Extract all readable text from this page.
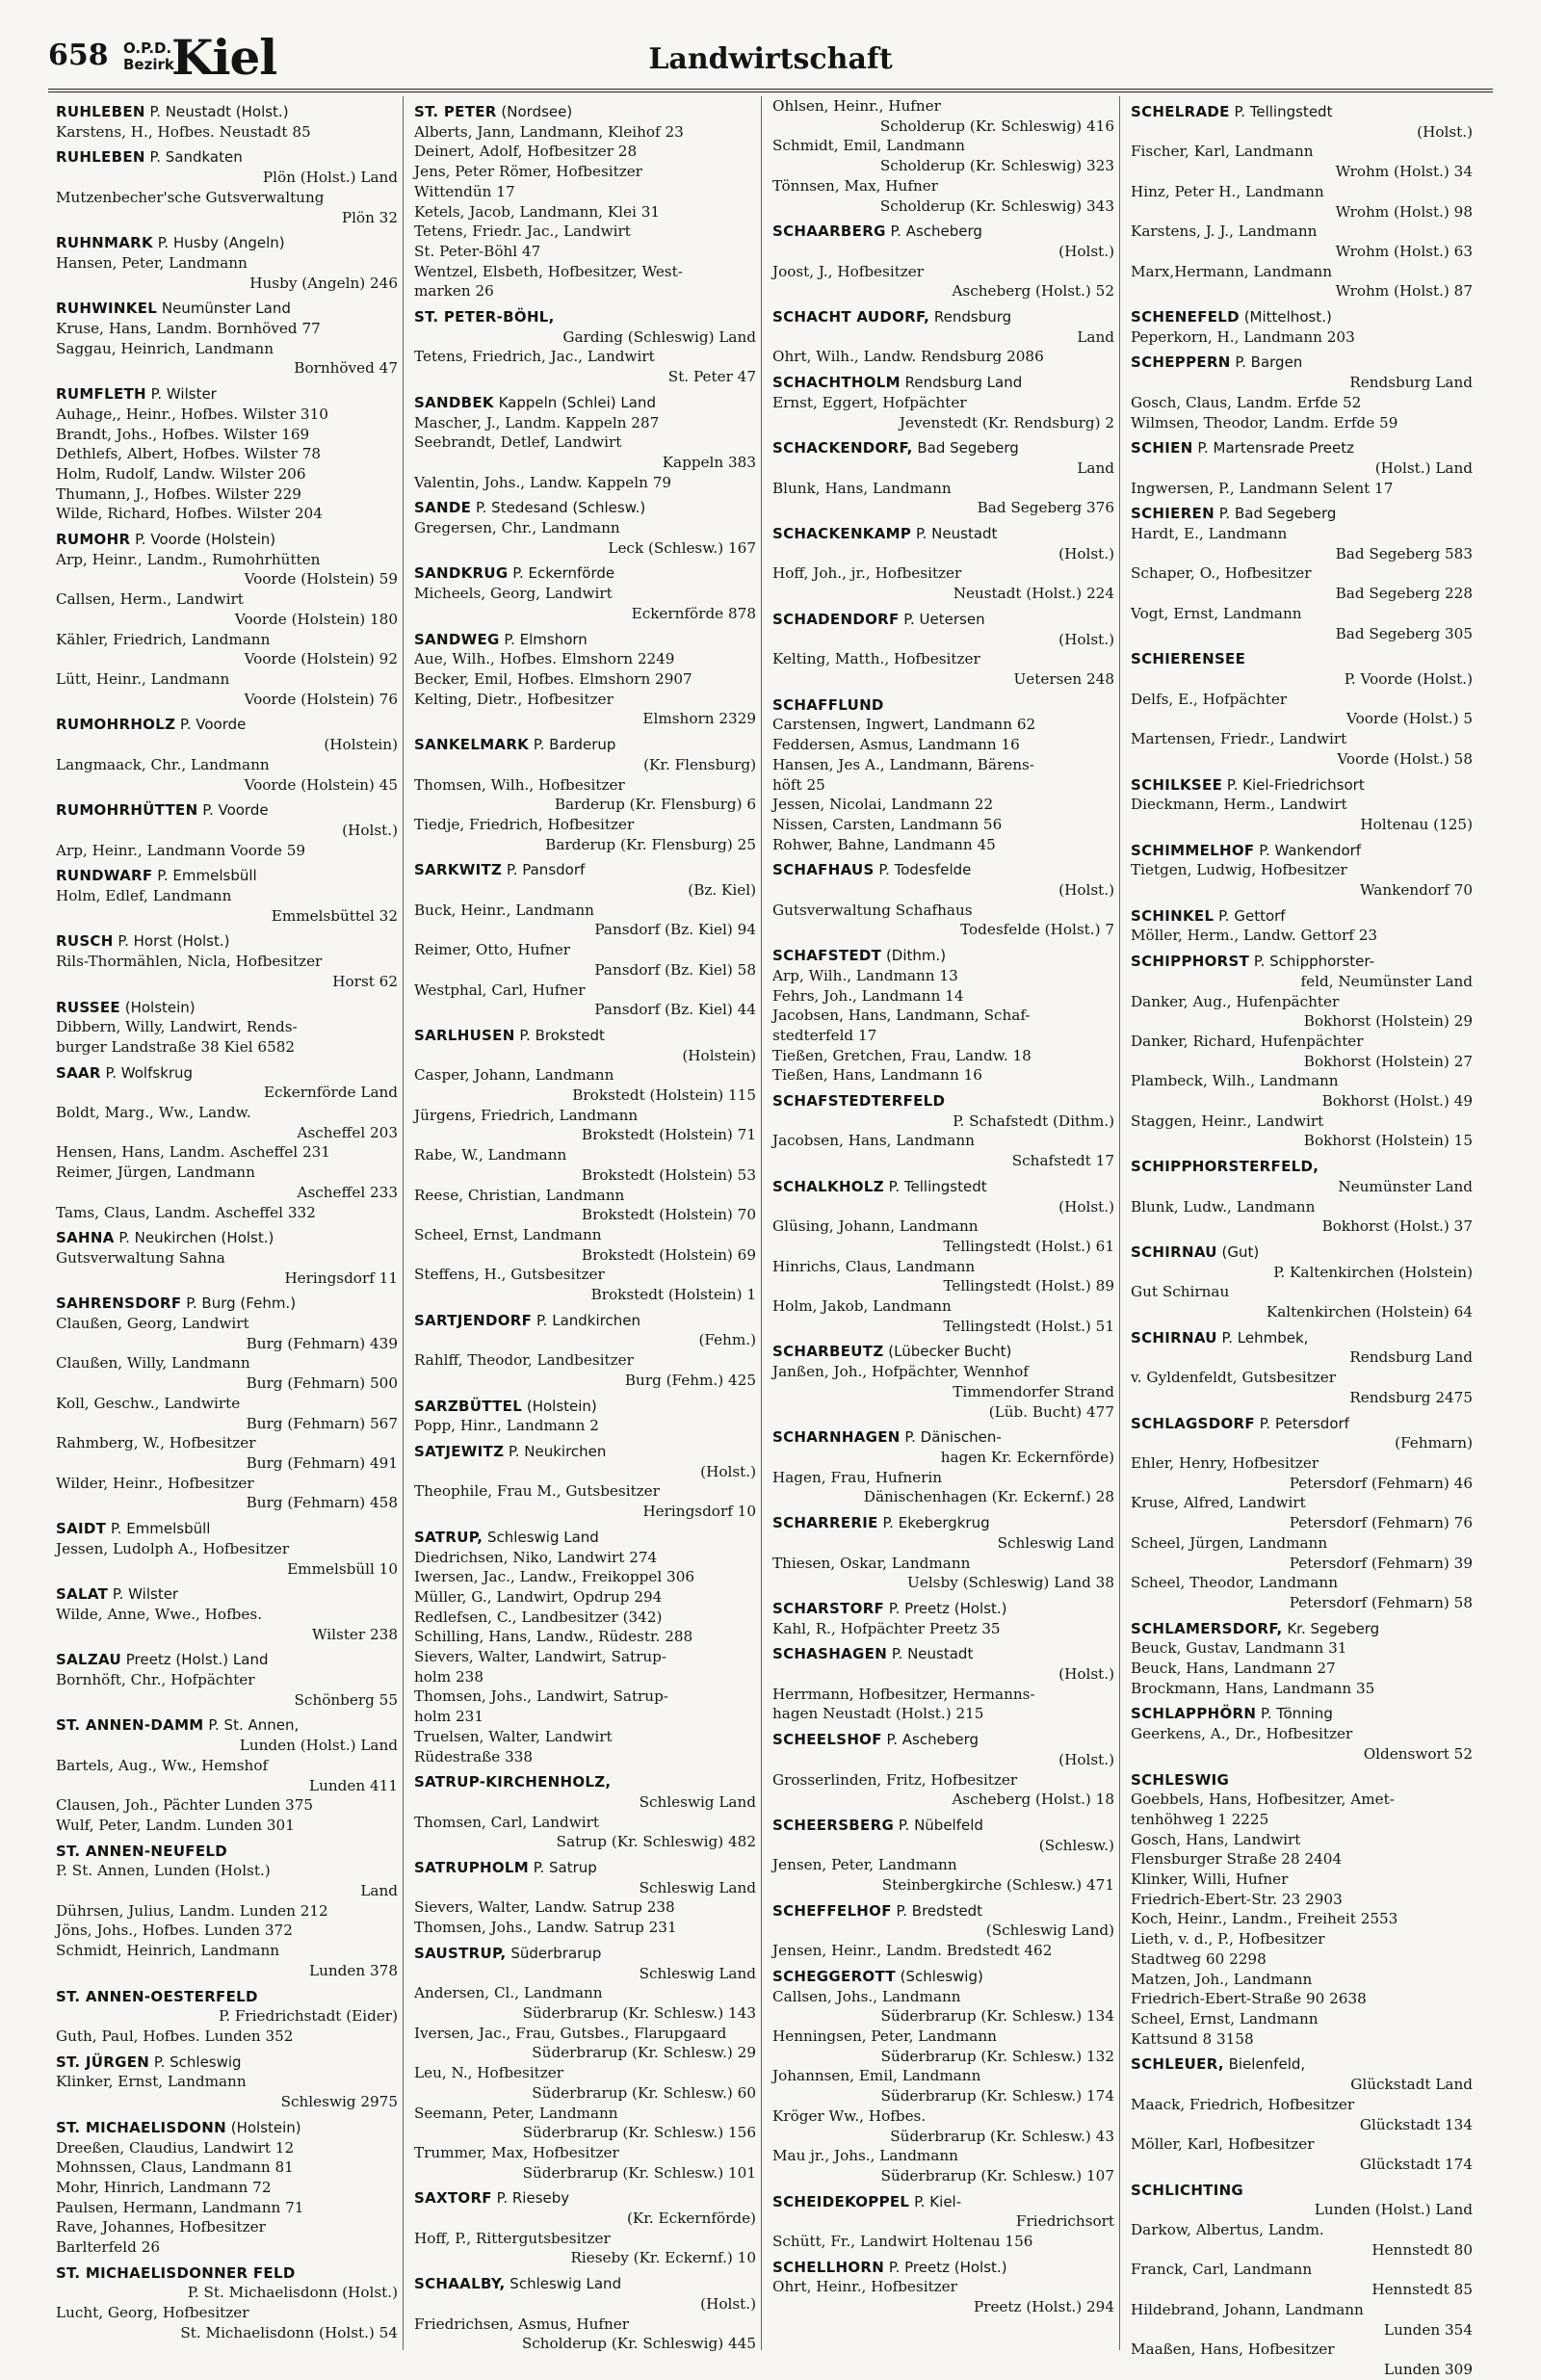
658 O.P.D.
Bezirk
Kiel	Landwirtschaft
RUHLEBEN P. Neustadt (Holst.)
Karstens, H., Hofbes. Neustadt 85
RUHLEBEN P. Sandkaten
Plön (Holst.) Land
Mutzenbecher'sche Gutsverwaltung
Plön 32
RUHNMARK P. Husby (Angeln)
Hansen, Peter, Landmann
Husby (Angeln) 246
RUHWINKEL Neumünster Land
Kruse, Hans, Landm. Bornhöved 77
Saggau, Heinrich, Landmann
Bornhöved 47
RUMFLETH P. Wilster
Auhage,, Heinr., Hofbes. Wilster 310
Brandt, Johs., Hofbes. Wilster 169
Dethlefs, Albert, Hofbes. Wilster 78
Holm, Rudolf, Landw. Wilster 206
Thumann, J., Hofbes. Wilster 229
Wilde, Richard, Hofbes. Wilster 204
RUMOHR P. Voorde (Holstein)
Arp, Heinr., Landm., Rumohrhütten
Voorde (Holstein) 59
Callsen, Herm., Landwirt
Voorde (Holstein) 180
Kähler, Friedrich, Landmann
Voorde (Holstein) 92
Lütt, Heinr., Landmann
Voorde (Holstein) 76
RUMOHRHOLZ P. Voorde
(Holstein)
Langmaack, Chr., Landmann
Voorde (Holstein) 45
RUMOHRHÜTTEN P. Voorde
(Holst.)
Arp, Heinr., Landmann Voorde 59
RUNDWARF P. Emmelsbüll
Holm, Edlef, Landmann
Emmelsbüttel 32
RUSCH P. Horst (Holst.)
Rils-Thormählen, Nicla, Hofbesitzer
Horst 62
RUSSEE (Holstein)
Dibbern, Willy, Landwirt, Rends-
burger Landstraße 38 Kiel 6582
SAAR P. Wolfskrug
Eckernförde Land
Boldt, Marg., Ww., Landw.
Ascheffel 203
Hensen, Hans, Landm. Ascheffel 231
Reimer, Jürgen, Landmann
Ascheffel 233
Tams, Claus, Landm. Ascheffel 332
SAHNA P. Neukirchen (Holst.)
Gutsverwaltung Sahna
Heringsdorf 11
SAHRENSDORF P. Burg (Fehm.)
Claußen, Georg, Landwirt
Burg (Fehmarn) 439
Claußen, Willy, Landmann
Burg (Fehmarn) 500
Koll, Geschw., Landwirte
Burg (Fehmarn) 567
Rahmberg, W., Hofbesitzer
Burg (Fehmarn) 491
Wilder, Heinr., Hofbesitzer
Burg (Fehmarn) 458
SAIDT P. Emmelsbüll
Jessen, Ludolph A., Hofbesitzer
Emmelsbüll 10
SALAT P. Wilster
Wilde, Anne, Wwe., Hofbes.
Wilster 238
SALZAU Preetz (Holst.) Land
Bornhöft, Chr., Hofpächter
Schönberg 55
ST. ANNEN-DAMM P. St. Annen,
Lunden (Holst.) Land
Bartels, Aug., Ww., Hemshof
Lunden 411
Clausen, Joh., Pächter Lunden 375
Wulf, Peter, Landm. Lunden 301
ST. ANNEN-NEUFELD
P. St. Annen, Lunden (Holst.)
Land
Dührsen, Julius, Landm. Lunden 212
Jöns, Johs., Hofbes. Lunden 372
Schmidt, Heinrich, Landmann
Lunden 378
ST. ANNEN-OESTERFELD
P. Friedrichstadt (Eider)
Guth, Paul, Hofbes. Lunden 352
ST. JÜRGEN P. Schleswig
Klinker, Ernst, Landmann
Schleswig 2975
ST. MICHAELISDONN (Holstein)
Dreeßen, Claudius, Landwirt 12
Mohnssen, Claus, Landmann 81
Mohr, Hinrich, Landmann 72
Paulsen, Hermann, Landmann 71
Rave, Johannes, Hofbesitzer
Barlterfeld 26
ST. MICHAELISDONNER FELD
P. St. Michaelisdonn (Holst.)
Lucht, Georg, Hofbesitzer
St. Michaelisdonn (Holst.) 54
ST. PETER (Nordsee)
Alberts, Jann, Landmann, Kleihof 23
Deinert, Adolf, Hofbesitzer 28
Jens, Peter Römer, Hofbesitzer
Wittendün 17
Ketels, Jacob, Landmann, Klei 31
Tetens, Friedr. Jac., Landwirt
St. Peter-Böhl 47
Wentzel, Elsbeth, Hofbesitzer, West-
marken 26
ST. PETER-BÖHL,
Garding (Schleswig) Land
Tetens, Friedrich, Jac., Landwirt
St. Peter 47
SANDBEK Kappeln (Schlei) Land
Mascher, J., Landm. Kappeln 287
Seebrandt, Detlef, Landwirt
Kappeln 383
Valentin, Johs., Landw. Kappeln 79
SANDE P. Stedesand (Schlesw.)
Gregersen, Chr., Landmann
Leck (Schlesw.) 167
SANDKRUG P. Eckernförde
Micheels, Georg, Landwirt
Eckernförde 878
SANDWEG P. Elmshorn
Aue, Wilh., Hofbes. Elmshorn 2249
Becker, Emil, Hofbes. Elmshorn 2907
Kelting, Dietr., Hofbesitzer
Elmshorn 2329
SANKELMARK P. Barderup
(Kr. Flensburg)
Thomsen, Wilh., Hofbesitzer
Barderup (Kr. Flensburg) 6
Tiedje, Friedrich, Hofbesitzer
Barderup (Kr. Flensburg) 25
SARKWITZ P. Pansdorf
(Bz. Kiel)
Buck, Heinr., Landmann
Pansdorf (Bz. Kiel) 94
Reimer, Otto, Hufner
Pansdorf (Bz. Kiel) 58
Westphal, Carl, Hufner
Pansdorf (Bz. Kiel) 44
SARLHUSEN P. Brokstedt
(Holstein)
Casper, Johann, Landmann
Brokstedt (Holstein) 115
Jürgens, Friedrich, Landmann
Brokstedt (Holstein) 71
Rabe, W., Landmann
Brokstedt (Holstein) 53
Reese, Christian, Landmann
Brokstedt (Holstein) 70
Scheel, Ernst, Landmann
Brokstedt (Holstein) 69
Steffens, H., Gutsbesitzer
Brokstedt (Holstein) 1
SARTJENDORF P. Landkirchen
(Fehm.)
Rahlff, Theodor, Landbesitzer
Burg (Fehm.) 425
SARZBÜTTEL (Holstein)
Popp, Hinr., Landmann 2
SATJEWITZ P. Neukirchen
(Holst.)
Theophile, Frau M., Gutsbesitzer
Heringsdorf 10
SATRUP, Schleswig Land
Diedrichsen, Niko, Landwirt 274
Iwersen, Jac., Landw., Freikoppel 306
Müller, G., Landwirt, Opdrup 294
Redlefsen, C., Landbesitzer (342)
Schilling, Hans, Landw., Rüdestr. 288
Sievers, Walter, Landwirt, Satrup-
holm 238
Thomsen, Johs., Landwirt, Satrup-
holm 231
Truelsen, Walter, Landwirt
Rüdestraße 338
SATRUP-KIRCHENHOLZ,
Schleswig Land
Thomsen, Carl, Landwirt
Satrup (Kr. Schleswig) 482
SATRUPHOLM P. Satrup
Schleswig Land
Sievers, Walter, Landw. Satrup 238
Thomsen, Johs., Landw. Satrup 231
SAUSTRUP, Süderbrarup
Schleswig Land
Andersen, Cl., Landmann
Süderbrarup (Kr. Schlesw.) 143
Iversen, Jac., Frau, Gutsbes., Flarupgaard
Süderbrarup (Kr. Schlesw.) 29
Leu, N., Hofbesitzer
Süderbrarup (Kr. Schlesw.) 60
Seemann, Peter, Landmann
Süderbrarup (Kr. Schlesw.) 156
Trummer, Max, Hofbesitzer
Süderbrarup (Kr. Schlesw.) 101
SAXTORF P. Rieseby
(Kr. Eckernförde)
Hoff, P., Rittergutsbesitzer
Rieseby (Kr. Eckernf.) 10
SCHAALBY, Schleswig Land
(Holst.)
Friedrichsen, Asmus, Hufner
Scholderup (Kr. Schleswig) 445
Ohlsen, Heinr., Hufner
Scholderup (Kr. Schleswig) 416
Schmidt, Emil, Landmann
Scholderup (Kr. Schleswig) 323
Tönnsen, Max, Hufner
Scholderup (Kr. Schleswig) 343
SCHAARBERG P. Ascheberg
(Holst.)
Joost, J., Hofbesitzer
Ascheberg (Holst.) 52
SCHACHT AUDORF, Rendsburg
Land
Ohrt, Wilh., Landw. Rendsburg 2086
SCHACHTHOLM Rendsburg Land
Ernst, Eggert, Hofpächter
Jevenstedt (Kr. Rendsburg) 2
SCHACKENDORF, Bad Segeberg
Land
Blunk, Hans, Landmann
Bad Segeberg 376
SCHACKENKAMP P. Neustadt
(Holst.)
Hoff, Joh., jr., Hofbesitzer
Neustadt (Holst.) 224
SCHADENDORF P. Uetersen
(Holst.)
Kelting, Matth., Hofbesitzer
Uetersen 248
SCHAFFLUND
Carstensen, Ingwert, Landmann 62
Feddersen, Asmus, Landmann 16
Hansen, Jes A., Landmann, Bärens-
höft 25
Jessen, Nicolai, Landmann 22
Nissen, Carsten, Landmann 56
Rohwer, Bahne, Landmann 45
SCHAFHAUS P. Todesfelde
(Holst.)
Gutsverwaltung Schafhaus
Todesfelde (Holst.) 7
SCHAFSTEDT (Dithm.)
Arp, Wilh., Landmann 13
Fehrs, Joh., Landmann 14
Jacobsen, Hans, Landmann, Schaf-
stedterfeld 17
Tießen, Gretchen, Frau, Landw. 18
Tießen, Hans, Landmann 16
SCHAFSTEDTERFELD
P. Schafstedt (Dithm.)
Jacobsen, Hans, Landmann
Schafstedt 17
SCHALKHOLZ P. Tellingstedt
(Holst.)
Glüsing, Johann, Landmann
Tellingstedt (Holst.) 61
Hinrichs, Claus, Landmann
Tellingstedt (Holst.) 89
Holm, Jakob, Landmann
Tellingstedt (Holst.) 51
SCHARBEUTZ (Lübecker Bucht)
Janßen, Joh., Hofpächter, Wennhof
Timmendorfer Strand
(Lüb. Bucht) 477
SCHARNHAGEN P. Dänischen-
hagen Kr. Eckernförde)
Hagen, Frau, Hufnerin
Dänischenhagen (Kr. Eckernf.) 28
SCHARRERIE P. Ekebergkrug
Schleswig Land
Thiesen, Oskar, Landmann
Uelsby (Schleswig) Land 38
SCHARSTORF P. Preetz (Holst.)
Kahl, R., Hofpächter Preetz 35
SCHASHAGEN P. Neustadt
(Holst.)
Herrmann, Hofbesitzer, Hermanns-
hagen Neustadt (Holst.) 215
SCHEELSHOF P. Ascheberg
(Holst.)
Grosserlinden, Fritz, Hofbesitzer
Ascheberg (Holst.) 18
SCHEERSBERG P. Nübelfeld
(Schlesw.)
Jensen, Peter, Landmann
Steinbergkirche (Schlesw.) 471
SCHEFFELHOF P. Bredstedt
(Schleswig Land)
Jensen, Heinr., Landm. Bredstedt 462
SCHEGGEROTT (Schleswig)
Callsen, Johs., Landmann
Süderbrarup (Kr. Schlesw.) 134
Henningsen, Peter, Landmann
Süderbrarup (Kr. Schlesw.) 132
Johannsen, Emil, Landmann
Süderbrarup (Kr. Schlesw.) 174
Kröger Ww., Hofbes.
Süderbrarup (Kr. Schlesw.) 43
Mau jr., Johs., Landmann
Süderbrarup (Kr. Schlesw.) 107
SCHEIDEKOPPEL P. Kiel-
Friedrichsort
Schütt, Fr., Landwirt Holtenau 156
SCHELLHORN P. Preetz (Holst.)
Ohrt, Heinr., Hofbesitzer
Preetz (Holst.) 294
SCHELRADE P. Tellingstedt
(Holst.)
Fischer, Karl, Landmann
Wrohm (Holst.) 34
Hinz, Peter H., Landmann
Wrohm (Holst.) 98
Karstens, J. J., Landmann
Wrohm (Holst.) 63
Marx,Hermann, Landmann
Wrohm (Holst.) 87
SCHENEFELD (Mittelhost.)
Peperkorn, H., Landmann 203
SCHEPPERN P. Bargen
Rendsburg Land
Gosch, Claus, Landm. Erfde 52
Wilmsen, Theodor, Landm. Erfde 59
SCHIEN P. Martensrade Preetz
(Holst.) Land
Ingwersen, P., Landmann Selent 17
SCHIEREN P. Bad Segeberg
Hardt, E., Landmann
Bad Segeberg 583
Schaper, O., Hofbesitzer
Bad Segeberg 228
Vogt, Ernst, Landmann
Bad Segeberg 305
SCHIERENSEE
P. Voorde (Holst.)
Delfs, E., Hofpächter
Voorde (Holst.) 5
Martensen, Friedr., Landwirt
Voorde (Holst.) 58
SCHILKSEE P. Kiel-Friedrichsort
Dieckmann, Herm., Landwirt
Holtenau (125)
SCHIMMELHOF P. Wankendorf
Tietgen, Ludwig, Hofbesitzer
Wankendorf 70
SCHINKEL P. Gettorf
Möller, Herm., Landw. Gettorf 23
SCHIPPHORST P. Schipphorster-
feld, Neumünster Land
Danker, Aug., Hufenpächter
Bokhorst (Holstein) 29
Danker, Richard, Hufenpächter
Bokhorst (Holstein) 27
Plambeck, Wilh., Landmann
Bokhorst (Holst.) 49
Staggen, Heinr., Landwirt
Bokhorst (Holstein) 15
SCHIPPHORSTERFELD,
Neumünster Land
Blunk, Ludw., Landmann
Bokhorst (Holst.) 37
SCHIRNAU (Gut)
P. Kaltenkirchen (Holstein)
Gut Schirnau
Kaltenkirchen (Holstein) 64
SCHIRNAU P. Lehmbek,
Rendsburg Land
v. Gyldenfeldt, Gutsbesitzer
Rendsburg 2475
SCHLAGSDORF P. Petersdorf
(Fehmarn)
Ehler, Henry, Hofbesitzer
Petersdorf (Fehmarn) 46
Kruse, Alfred, Landwirt
Petersdorf (Fehmarn) 76
Scheel, Jürgen, Landmann
Petersdorf (Fehmarn) 39
Scheel, Theodor, Landmann
Petersdorf (Fehmarn) 58
SCHLAMERSDORF, Kr. Segeberg
Beuck, Gustav, Landmann 31
Beuck, Hans, Landmann 27
Brockmann, Hans, Landmann 35
SCHLAPPHÖRN P. Tönning
Geerkens, A., Dr., Hofbesitzer
Oldenswort 52
SCHLESWIG
Goebbels, Hans, Hofbesitzer, Amet-
tenhöhweg 1 2225
Gosch, Hans, Landwirt
Flensburger Straße 28 2404
Klinker, Willi, Hufner
Friedrich-Ebert-Str. 23 2903
Koch, Heinr., Landm., Freiheit 2553
Lieth, v. d., P., Hofbesitzer
Stadtweg 60 2298
Matzen, Joh., Landmann
Friedrich-Ebert-Straße 90 2638
Scheel, Ernst, Landmann
Kattsund 8 3158
SCHLEUER, Bielenfeld,
Glückstadt Land
Maack, Friedrich, Hofbesitzer
Glückstadt 134
Möller, Karl, Hofbesitzer
Glückstadt 174
SCHLICHTING
Lunden (Holst.) Land
Darkow, Albertus, Landm.
Hennstedt 80
Franck, Carl, Landmann
Hennstedt 85
Hildebrand, Johann, Landmann
Lunden 354
Maaßen, Hans, Hofbesitzer
Lunden 309
